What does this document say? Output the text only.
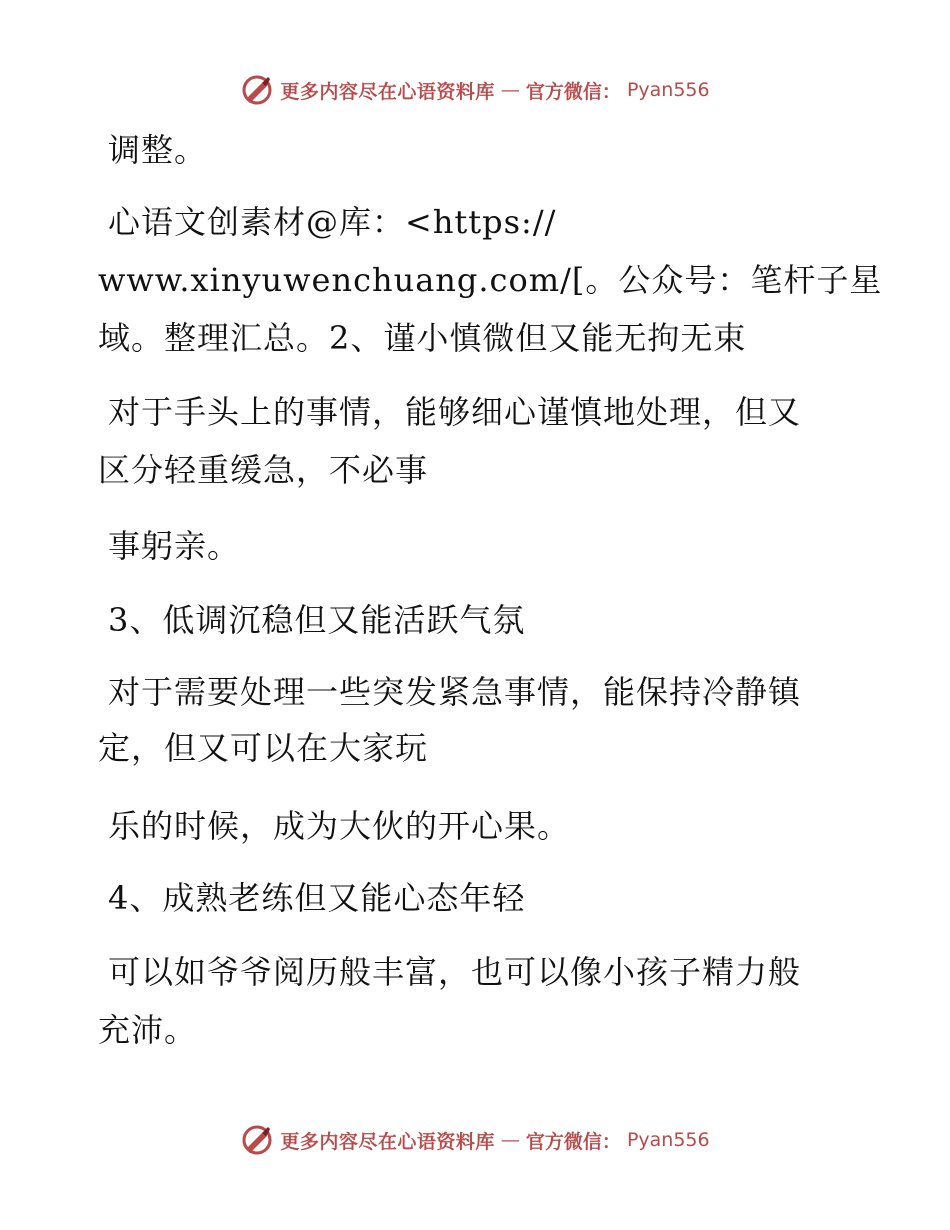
更多内容尽在心语资料库 — 官方微信： Pyan556
调整。
心语文创素材@库：<https://
www.xinyuwenchuang.com/[。公众号：笔杆子星
域。整理汇总。2、谨小慎微但又能无拘无束
对于手头上的事情，能够细心谨慎地处理，但又
区分轻重缓急，不必事
事躬亲。
3、低调沉稳但又能活跃气氛
对于需要处理一些突发紧急事情，能保持冷静镇
定，但又可以在大家玩
乐的时候，成为大伙的开心果。
4、成熟老练但又能心态年轻
可以如爷爷阅历般丰富，也可以像小孩子精力般
充沛。
更多内容尽在心语资料库 — 官方微信： Pyan556
